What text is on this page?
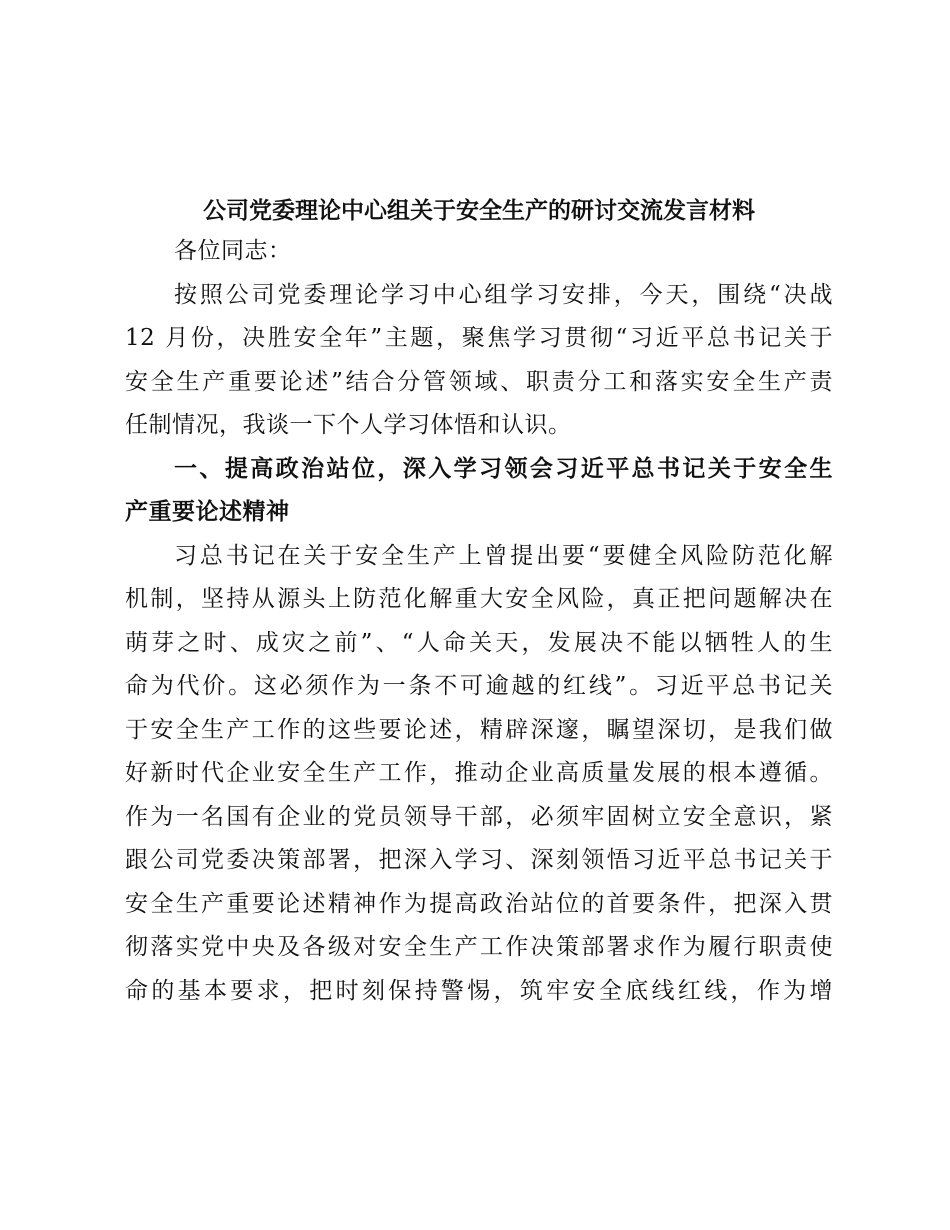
公司党委理论中心组关于安全生产的研讨交流发言材料
各位同志：
按照公司党委理论学习中心组学习安排，今天，围绕“决战
12 月份，决胜安全年”主题，聚焦学习贯彻“习近平总书记关于
安全生产重要论述”结合分管领域、职责分工和落实安全生产责
任制情况，我谈一下个人学习体悟和认识。
一、提高政治站位，深入学习领会习近平总书记关于安全生
产重要论述精神
习总书记在关于安全生产上曾提出要“要健全风险防范化解
机制，坚持从源头上防范化解重大安全风险，真正把问题解决在
萌芽之时、成灾之前”、“人命关天，发展决不能以牺牲人的生
命为代价。这必须作为一条不可逾越的红线”。习近平总书记关
于安全生产工作的这些要论述，精辟深邃，瞩望深切，是我们做
好新时代企业安全生产工作，推动企业高质量发展的根本遵循。
作为一名国有企业的党员领导干部，必须牢固树立安全意识，紧
跟公司党委决策部署，把深入学习、深刻领悟习近平总书记关于
安全生产重要论述精神作为提高政治站位的首要条件，把深入贯
彻落实党中央及各级对安全生产工作决策部署求作为履行职责使
命的基本要求，把时刻保持警惕，筑牢安全底线红线，作为增
